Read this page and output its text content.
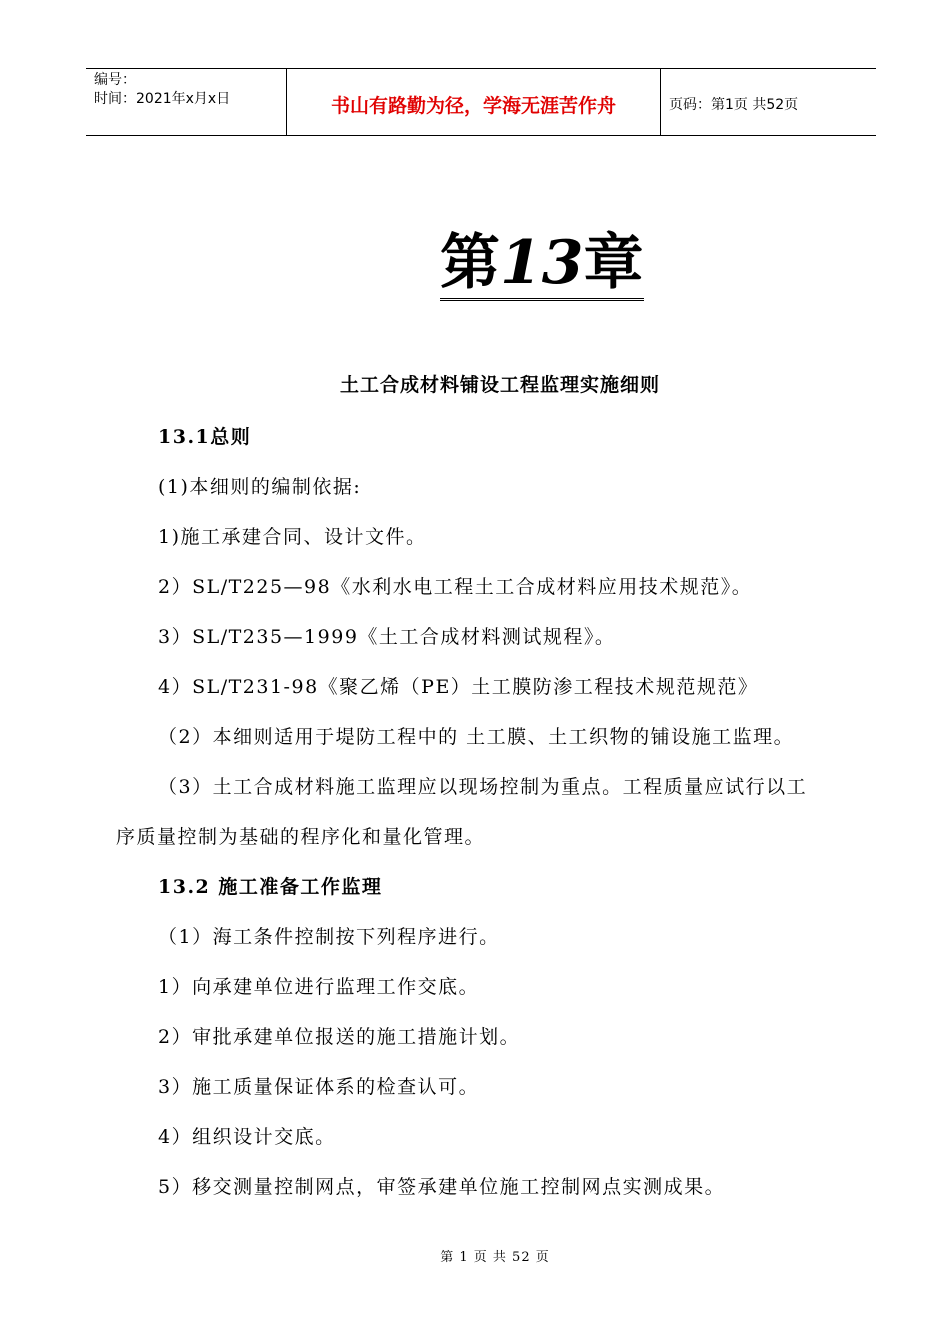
编号：
时间：2021年x月x日	书山有路勤为径，学海无涯苦作舟	页码：第1页 共52页
第13章
土工合成材料铺设工程监理实施细则
13.1总则
(1)本细则的编制依据:
1)施工承建合同、设计文件。
2）SL/T225—98《水利水电工程土工合成材料应用技术规范》。
3）SL/T235—1999《土工合成材料测试规程》。
4）SL/T231-98《聚乙烯（PE）土工膜防渗工程技术规范规范》
（2）本细则适用于堤防工程中的 土工膜、土工织物的铺设施工监理。
（3）土工合成材料施工监理应以现场控制为重点。工程质量应试行以工
序质量控制为基础的程序化和量化管理。
13.2 施工准备工作监理
（1）海工条件控制按下列程序进行。
1）向承建单位进行监理工作交底。
2）审批承建单位报送的施工措施计划。
3）施工质量保证体系的检查认可。
4）组织设计交底。
5）移交测量控制网点，审签承建单位施工控制网点实测成果。
第 1 页 共 52 页
